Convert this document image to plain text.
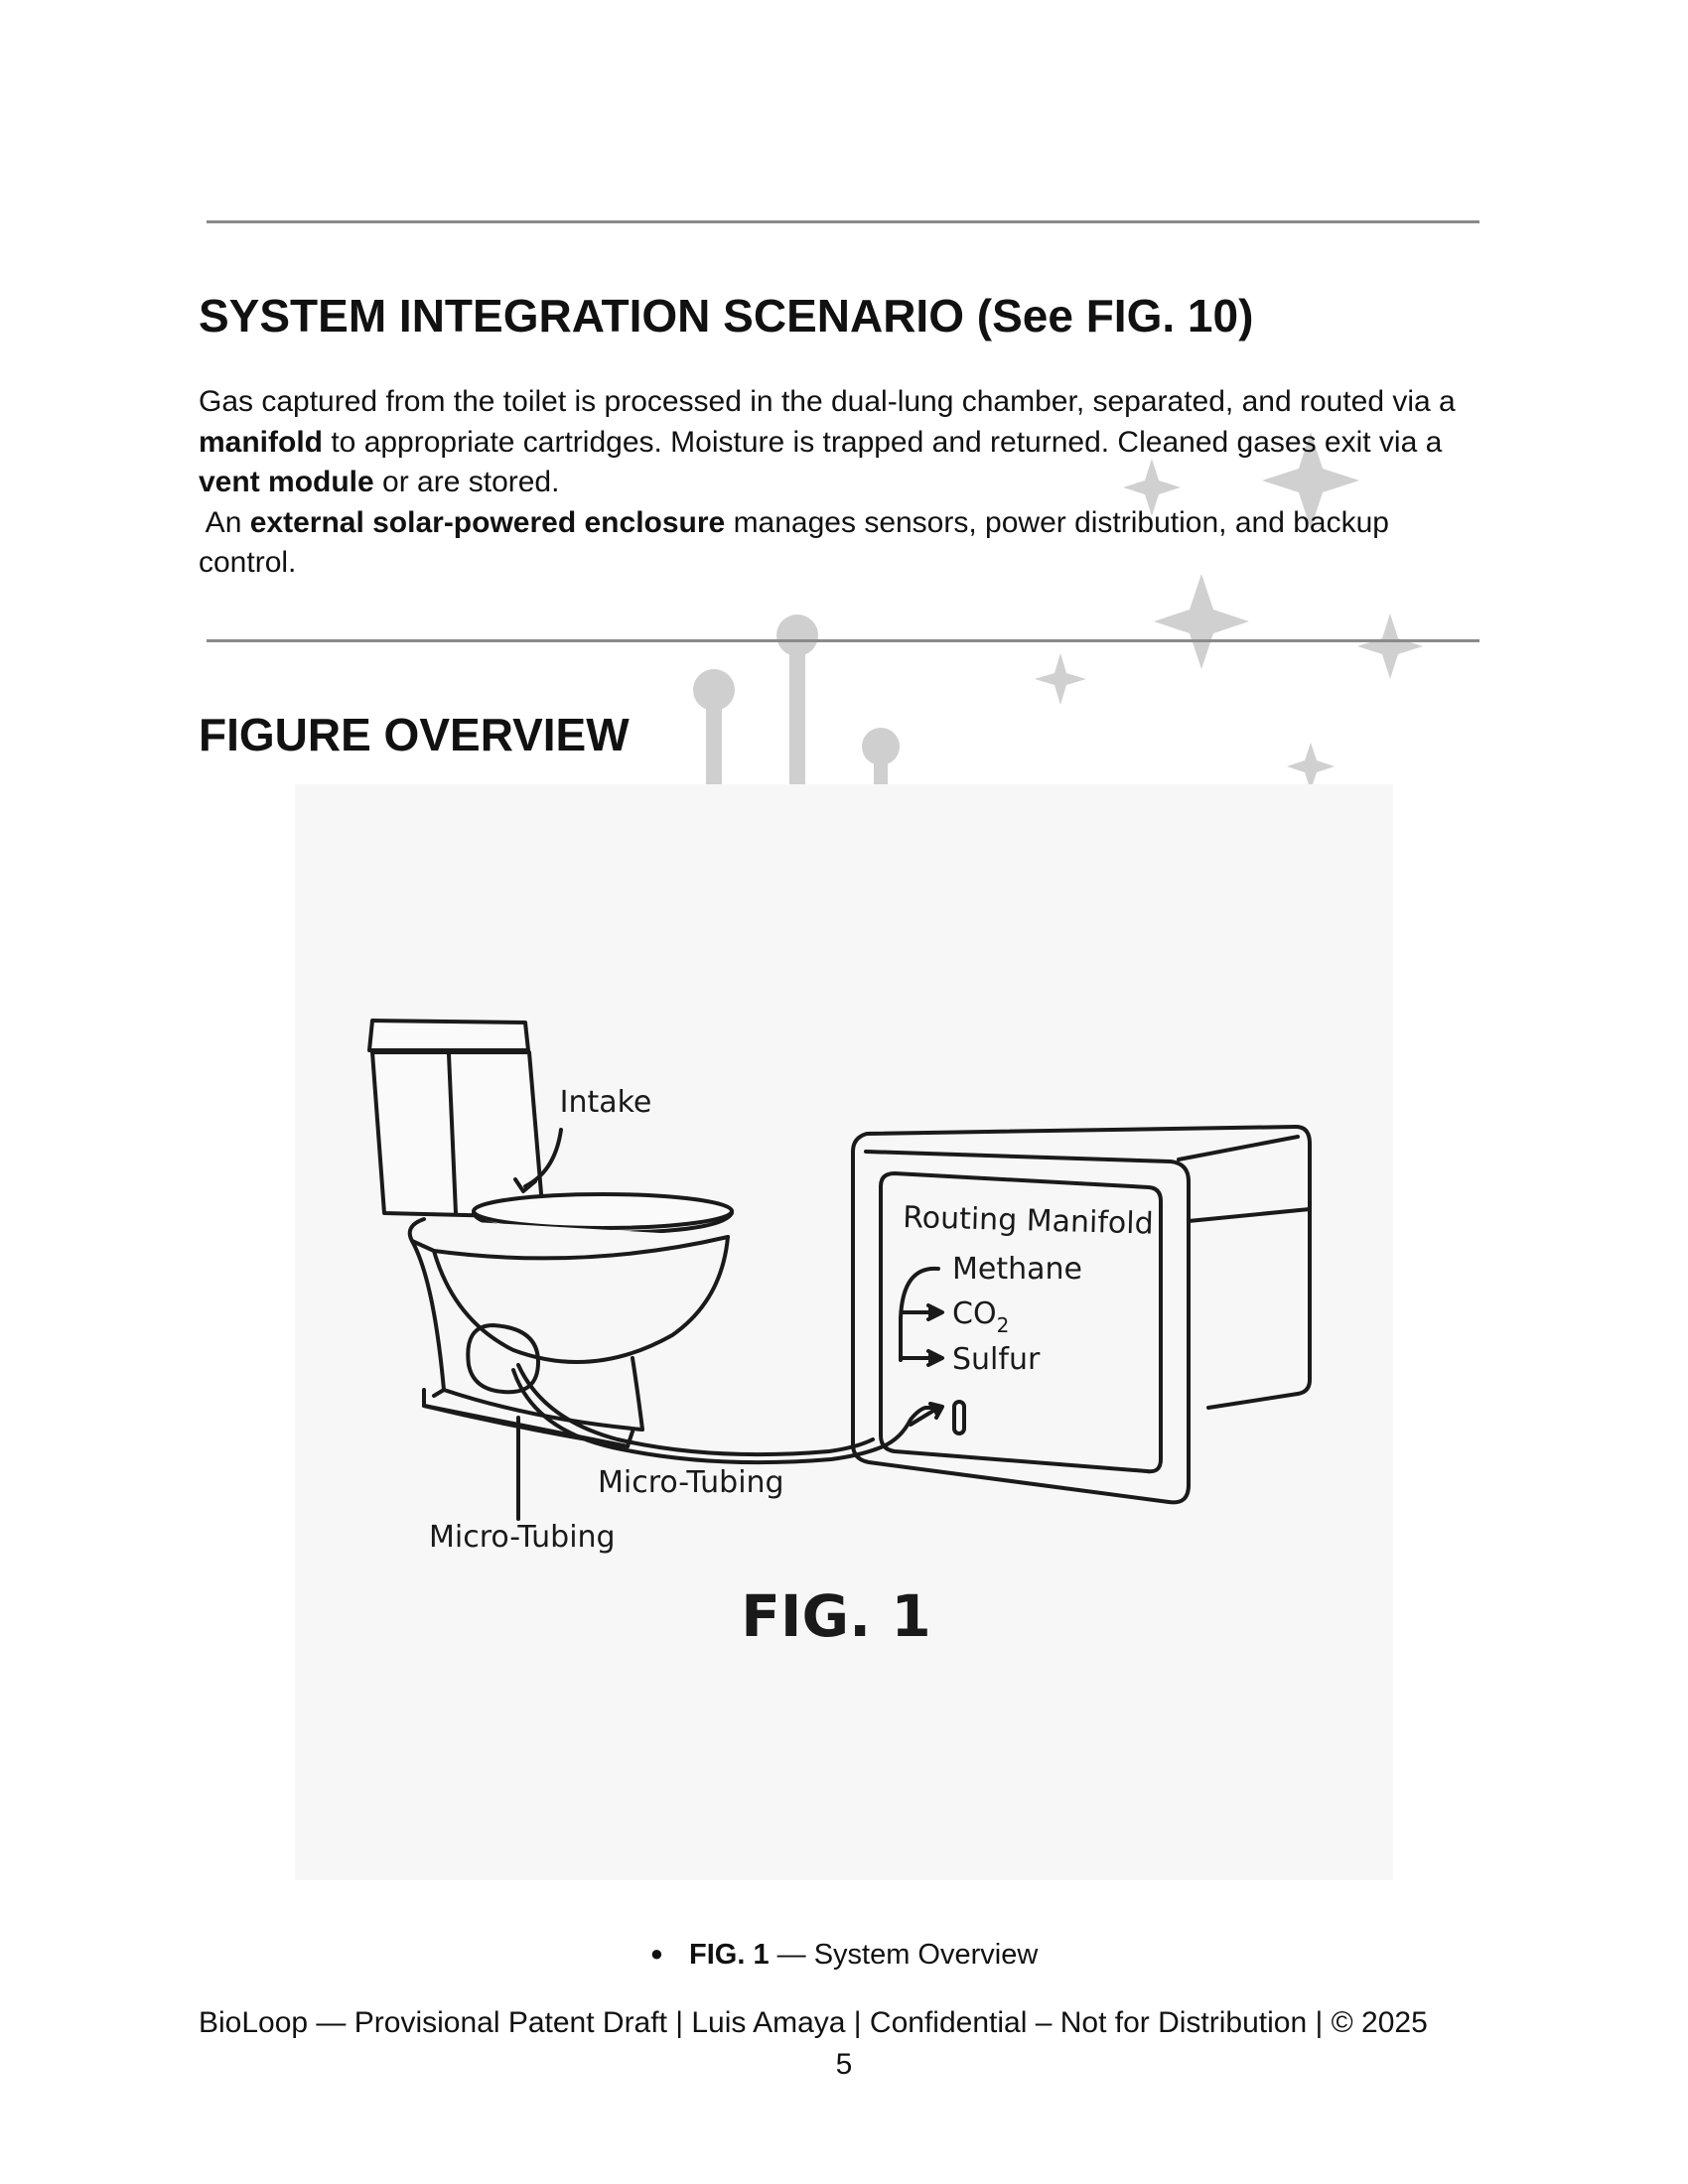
SYSTEM INTEGRATION SCENARIO (See FIG. 10)

Gas captured from the toilet is processed in the dual-lung chamber, separated, and routed via a manifold to appropriate cartridges. Moisture is trapped and returned. Cleaned gases exit via a vent module or are stored.

An external solar-powered enclosure manages sensors, power distribution, and backup control.

FIGURE OVERVIEW
Intake
Routing Manifold
Methane
$CO_2$
Sulfur
Micro-Tubing
Micro-Tubing
FIG. 1
● FIG. 1 — System Overview
BioLoop — Provisional Patent Draft | Luis Amaya | Confidential – Not for Distribution | © 2025
5
